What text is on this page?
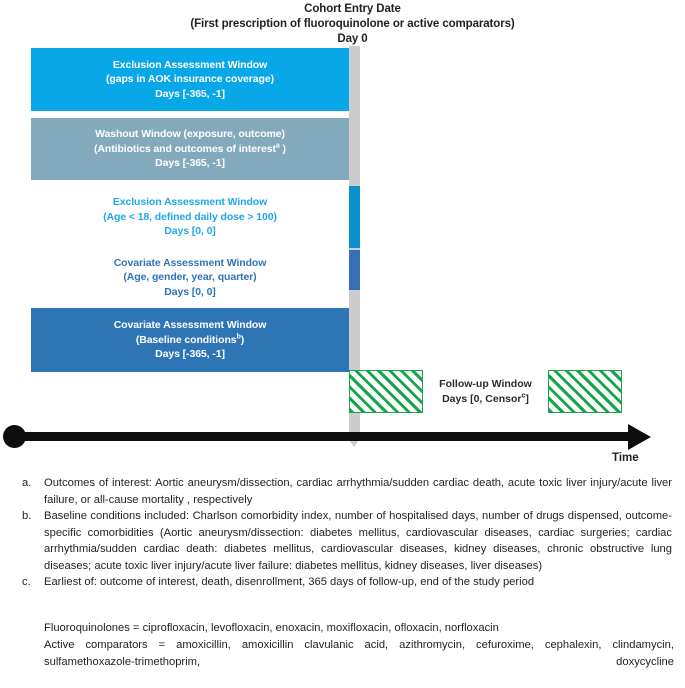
Cohort Entry Date
(First prescription of fluoroquinolone or active comparators)
Day 0
Exclusion Assessment Window
(gaps in AOK insurance coverage)
Days [-365, -1]
Washout Window (exposure, outcome)
(Antibiotics and outcomes of interest$^a$ )
Days [-365, -1]
Exclusion Assessment Window
(Age < 18, defined daily dose > 100)
Days [0, 0]
Covariate Assessment Window
(Age, gender, year, quarter)
Days [0, 0]
Covariate Assessment Window
(Baseline conditions$^b$)
Days [-365, -1]
Follow-up Window
Days [0, Censor$^c$]
Time
a.	Outcomes of interest: Aortic aneurysm/dissection, cardiac arrhythmia/sudden cardiac death, acute toxic liver injury/acute liver failure, or all-cause mortality , respectively
b.	Baseline conditions included: Charlson comorbidity index, number of hospitalised days, number of drugs dispensed, outcome-specific comorbidities (Aortic aneurysm/dissection: diabetes mellitus, cardiovascular diseases, cardiac surgeries; cardiac arrhythmia/sudden cardiac death: diabetes mellitus, cardiovascular diseases, kidney diseases, chronic obstructive lung diseases; acute toxic liver injury/acute liver failure: diabetes mellitus, kidney diseases, liver diseases)
c.	Earliest of: outcome of interest, death, disenrollment, 365 days of follow-up, end of the study period
Fluoroquinolones = ciprofloxacin, levofloxacin, enoxacin, moxifloxacin, ofloxacin, norfloxacin
Active comparators = amoxicillin, amoxicillin clavulanic acid, azithromycin, cefuroxime, cephalexin, clindamycin, sulfamethoxazole-trimethoprim, doxycycline
